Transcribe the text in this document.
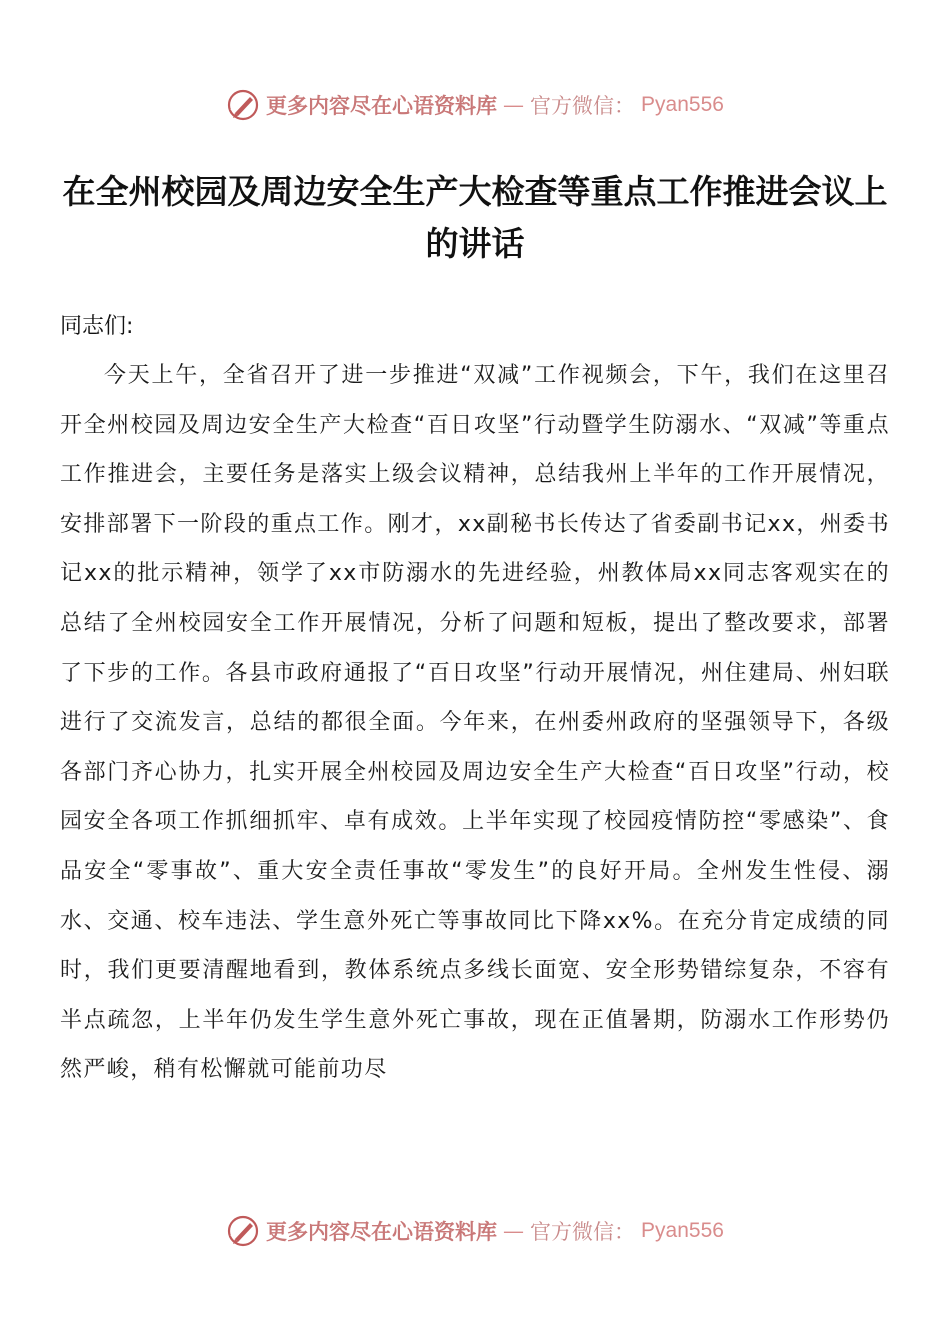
更多内容尽在心语资料库 — 官方微信： Pyan556
在全州校园及周边安全生产大检查等重点工作推进会议上的讲话

同志们:

今天上午，全省召开了进一步推进“双减”工作视频会，下午，我们在这里召开全州校园及周边安全生产大检查“百日攻坚”行动暨学生防溺水、“双减”等重点工作推进会，主要任务是落实上级会议精神，总结我州上半年的工作开展情况，安排部署下一阶段的重点工作。刚才，xx副秘书长传达了省委副书记xx，州委书记xx的批示精神，领学了xx市防溺水的先进经验，州教体局xx同志客观实在的总结了全州校园安全工作开展情况，分析了问题和短板，提出了整改要求，部署了下步的工作。各县市政府通报了“百日攻坚”行动开展情况，州住建局、州妇联进行了交流发言，总结的都很全面。今年来，在州委州政府的坚强领导下，各级各部门齐心协力，扎实开展全州校园及周边安全生产大检查“百日攻坚”行动，校园安全各项工作抓细抓牢、卓有成效。上半年实现了校园疫情防控“零感染”、食品安全“零事故”、重大安全责任事故“零发生”的良好开局。全州发生性侵、溺水、交通、校车违法、学生意外死亡等事故同比下降xx%。在充分肯定成绩的同时，我们更要清醒地看到，教体系统点多线长面宽、安全形势错综复杂，不容有半点疏忽，上半年仍发生学生意外死亡事故，现在正值暑期，防溺水工作形势仍然严峻，稍有松懈就可能前功尽

更多内容尽在心语资料库 — 官方微信： Pyan556
